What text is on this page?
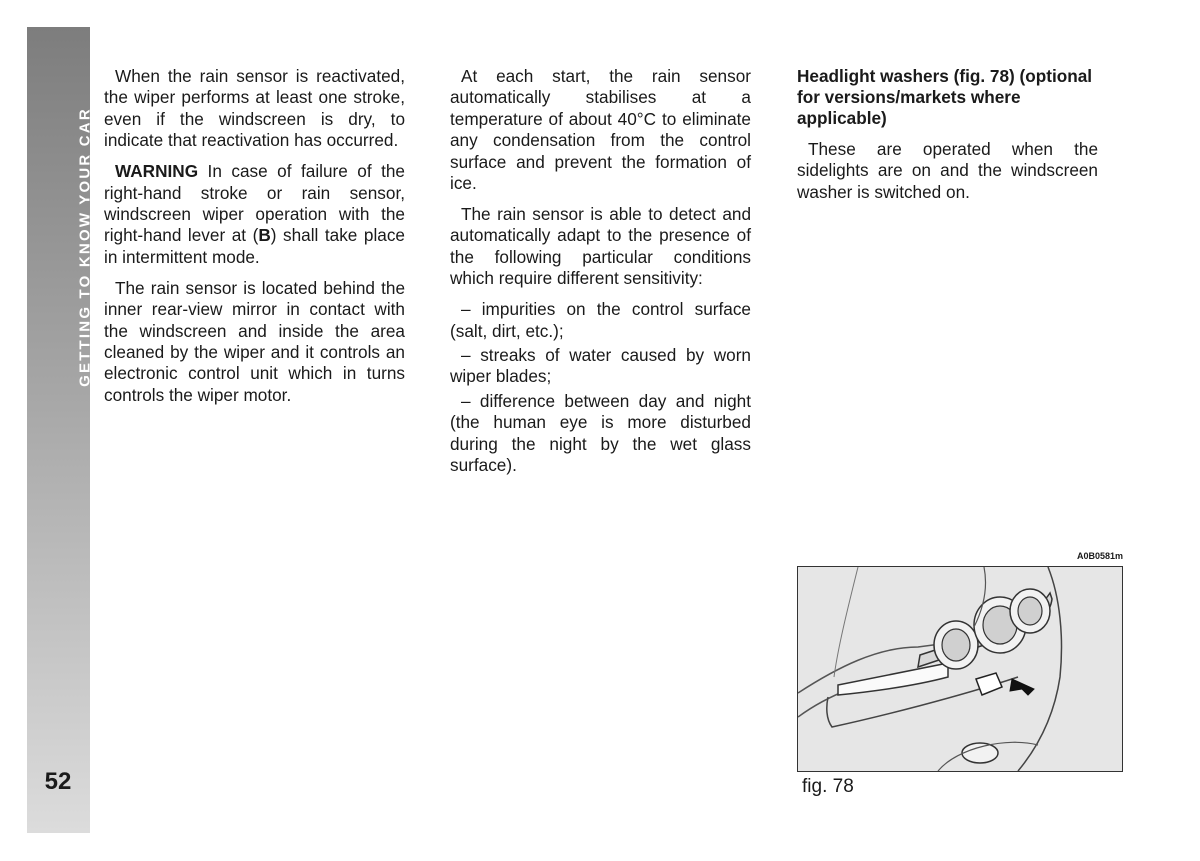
GETTING TO KNOW YOUR CAR
52

When the rain sensor is reactivated, the wiper performs at least one stroke, even if the windscreen is dry, to indicate that reactivation has occurred.

WARNING In case of failure of the right-hand stroke or rain sensor, windscreen wiper operation with the right-hand lever at (B) shall take place in intermittent mode.

The rain sensor is located behind the inner rear-view mirror in contact with the windscreen and inside the area cleaned by the wiper and it controls an electronic control unit which in turns controls the wiper motor.

At each start, the rain sensor automatically stabilises at a temperature of about 40°C to eliminate any condensation from the control surface and prevent the formation of ice.

The rain sensor is able to detect and automatically adapt to the presence of the following particular conditions which require different sensitivity:

– impurities on the control surface (salt, dirt, etc.);

– streaks of water caused by worn wiper blades;

– difference between day and night (the human eye is more disturbed during the night by the wet glass surface).

Headlight washers (fig. 78) (optional for versions/markets where applicable)

These are operated when the sidelights are on and the windscreen washer is switched on.

A0B0581m
fig. 78
